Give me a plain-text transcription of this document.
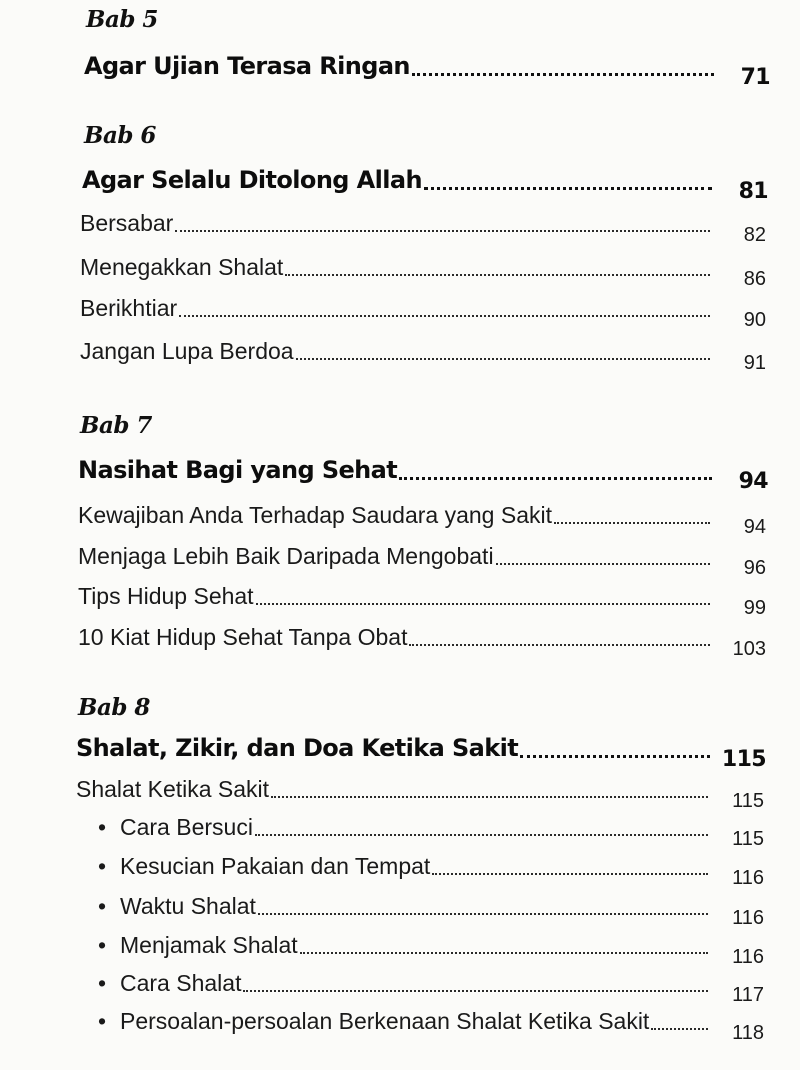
Bab 5
Agar Ujian Terasa Ringan	71
Bab 6
Agar Selalu Ditolong Allah	81
Bersabar	82
Menegakkan Shalat	86
Berikhtiar	90
Jangan Lupa Berdoa	91
Bab 7
Nasihat Bagi yang Sehat	94
Kewajiban Anda Terhadap Saudara yang Sakit	94
Menjaga Lebih Baik Daripada Mengobati	96
Tips Hidup Sehat	99
10 Kiat Hidup Sehat Tanpa Obat	103
Bab 8
Shalat, Zikir, dan Doa Ketika Sakit	115
Shalat Ketika Sakit	115
• Cara Bersuci	115
• Kesucian Pakaian dan Tempat	116
• Waktu Shalat	116
• Menjamak Shalat	116
• Cara Shalat	117
• Persoalan-persoalan Berkenaan Shalat Ketika Sakit	118
